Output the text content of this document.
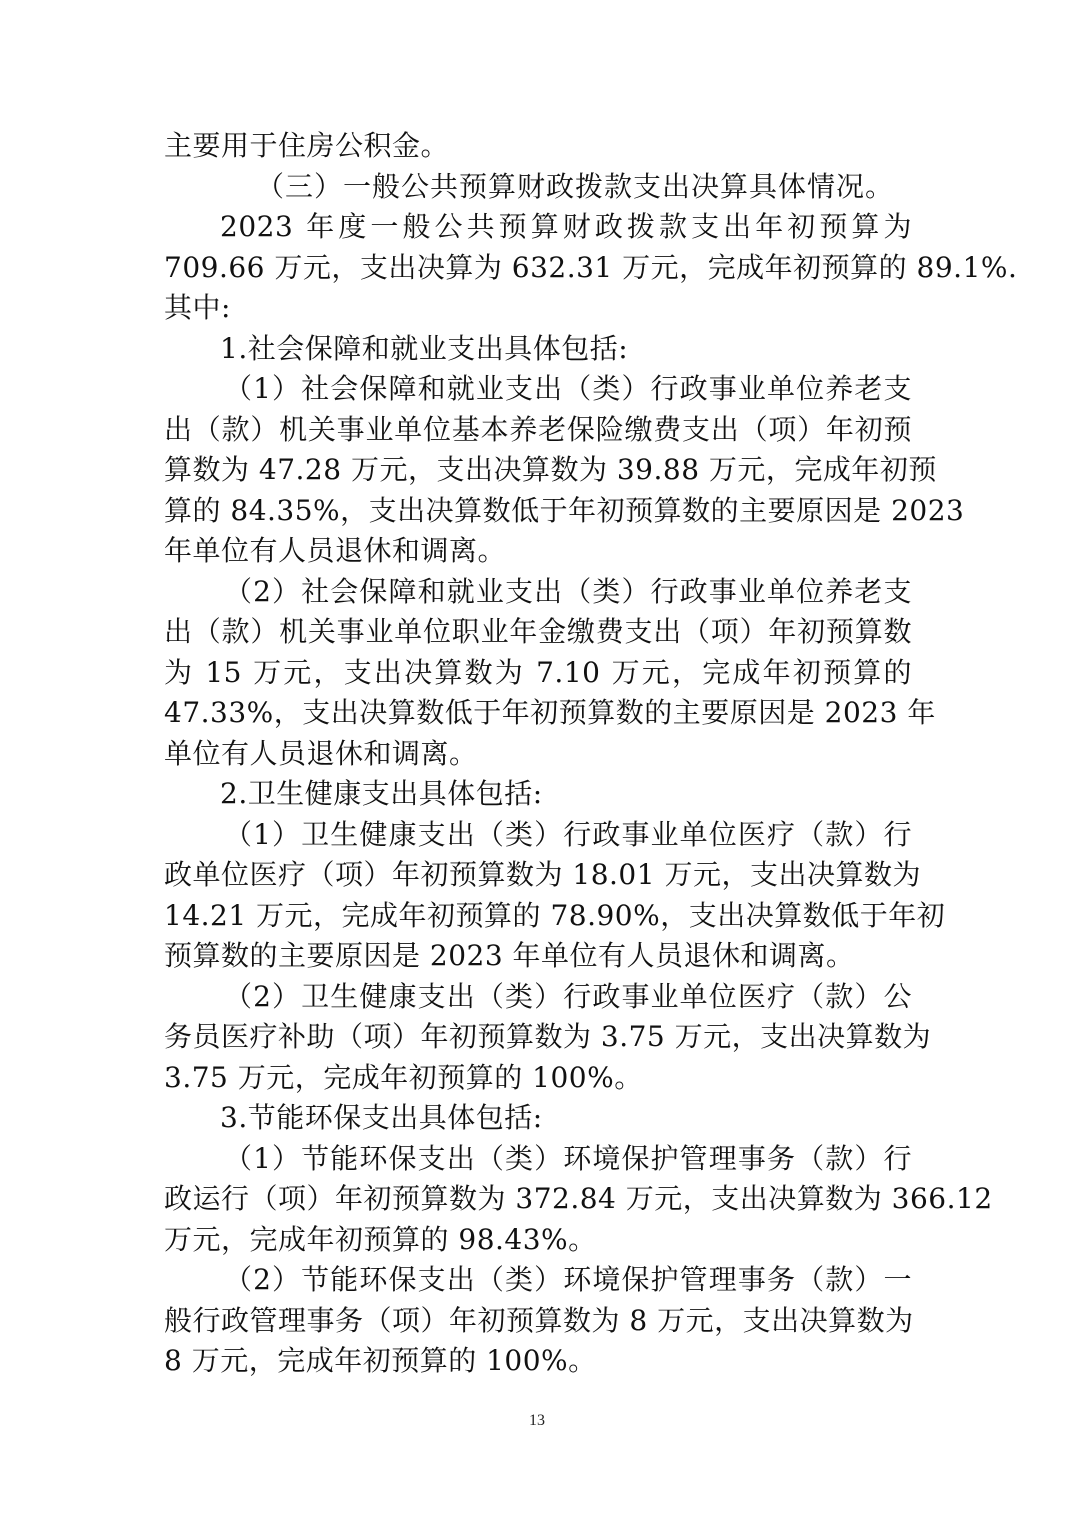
主要用于住房公积金。
（三）一般公共预算财政拨款支出决算具体情况。
2023 年度一般公共预算财政拨款支出年初预算为
709.66 万元，支出决算为 632.31 万元，完成年初预算的 89.1%.
其中:
1.社会保障和就业支出具体包括:
（1）社会保障和就业支出（类）行政事业单位养老支
出（款）机关事业单位基本养老保险缴费支出（项）年初预
算数为 47.28 万元，支出决算数为 39.88 万元，完成年初预
算的 84.35%，支出决算数低于年初预算数的主要原因是 2023
年单位有人员退休和调离。
（2）社会保障和就业支出（类）行政事业单位养老支
出（款）机关事业单位职业年金缴费支出（项）年初预算数
为 15 万元，支出决算数为 7.10 万元，完成年初预算的
47.33%，支出决算数低于年初预算数的主要原因是 2023 年
单位有人员退休和调离。
2.卫生健康支出具体包括:
（1）卫生健康支出（类）行政事业单位医疗（款）行
政单位医疗（项）年初预算数为 18.01 万元，支出决算数为
14.21 万元，完成年初预算的 78.90%，支出决算数低于年初
预算数的主要原因是 2023 年单位有人员退休和调离。
（2）卫生健康支出（类）行政事业单位医疗（款）公
务员医疗补助（项）年初预算数为 3.75 万元，支出决算数为
3.75 万元，完成年初预算的 100%。
3.节能环保支出具体包括:
（1）节能环保支出（类）环境保护管理事务（款）行
政运行（项）年初预算数为 372.84 万元，支出决算数为 366.12
万元，完成年初预算的 98.43%。
（2）节能环保支出（类）环境保护管理事务（款）一
般行政管理事务（项）年初预算数为 8 万元，支出决算数为
8 万元，完成年初预算的 100%。
13
